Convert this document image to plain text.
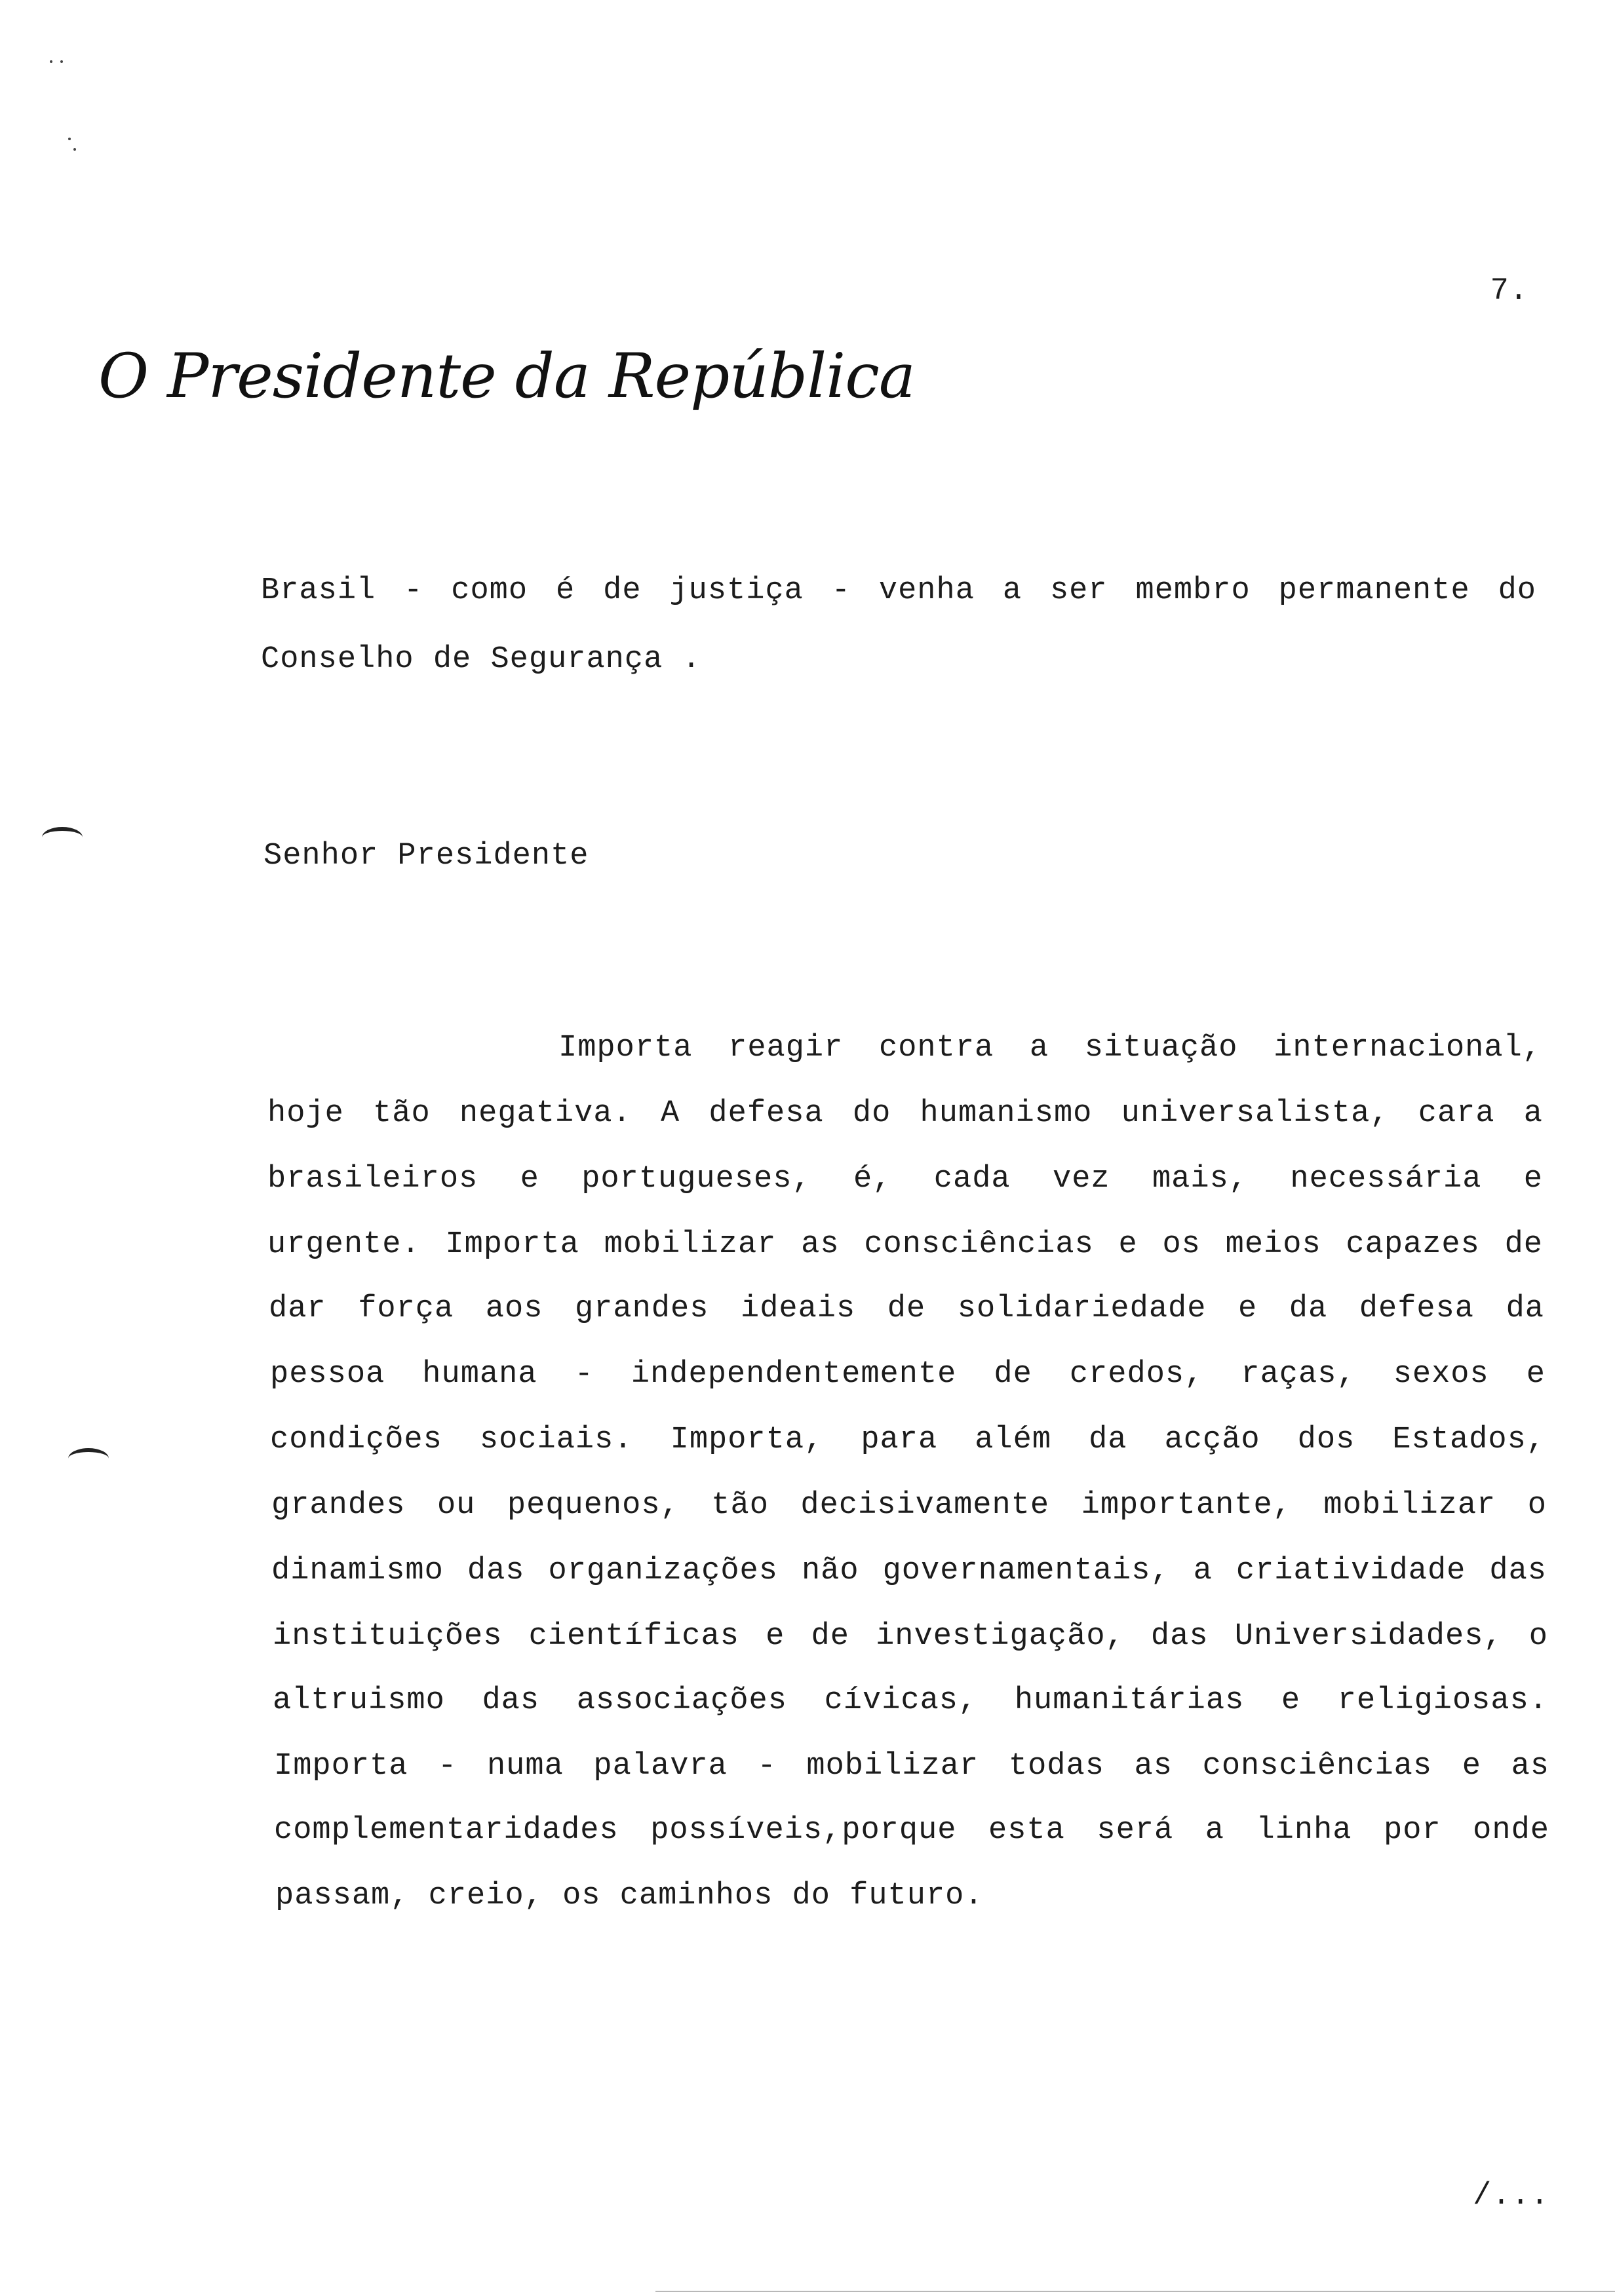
7.
O Presidente da República
Brasil - como é de justiça - venha a ser membro permanente do
Conselho de Segurança .
Senhor Presidente
Importa reagir contra a situação internacional,
hoje tão negativa. A defesa do humanismo universalista, cara a
brasileiros e portugueses, é, cada vez mais, necessária e
urgente. Importa mobilizar as consciências e os meios capazes de
dar força aos grandes ideais de solidariedade e da defesa da
pessoa humana - independentemente de credos, raças, sexos e
condições sociais. Importa, para além da acção dos Estados,
grandes ou pequenos, tão decisivamente importante, mobilizar o
dinamismo das organizações não governamentais, a criatividade das
instituições científicas e de investigação, das Universidades, o
altruismo das associações cívicas, humanitárias e religiosas.
Importa - numa palavra - mobilizar todas as consciências e as
complementaridades possíveis,porque esta será a linha por onde
passam, creio, os caminhos do futuro.
/...
